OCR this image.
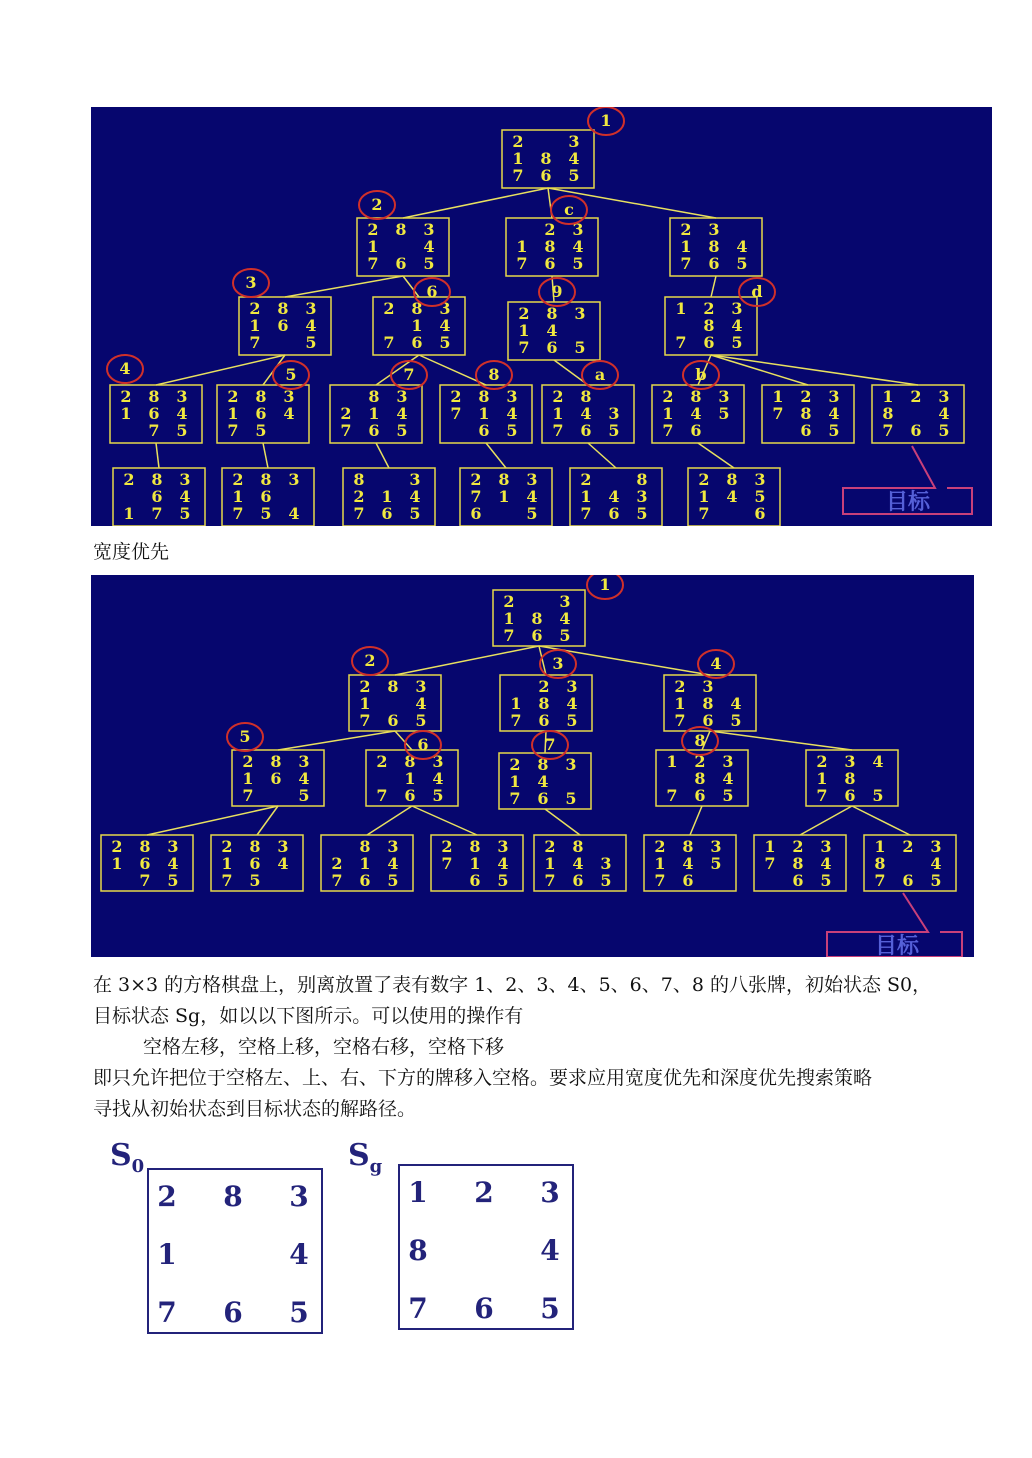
目标
2	3
1 8 4
7 6 5
2 8 3
1	4
7 6 5
2 3
1 8 4
7 6 5
2 3
1 8 4
7 6 5
2 8 3
1 6 4
7	5
2 8 3
1 4
7 6 5
2 8 3
1 4
7 6 5
1 2 3
8 4
7 6 5
2 8 3
1 6 4
7 5
2 8 3
1 6 4
7 5
8 3
2 1 4
7 6 5
2 8 3
7 1 4
6 5
2 8
1 4 3
7 6 5
2 8 3
1 4 5
7 6
1 2 3
7 8 4
6 5
1 2 3
8	4
7 6 5
2 8 3
6 4
1 7 5
2 8 3
1 6
7 5 4
8	3
2 1 4
7 6 5
2 8 3
7 1 4
6	5
2	8
1 4 3
7 6 5
2 8 3
1 4 5
7	6
1
2	c
3	6	9	d
4	5	7	8	a	b
宽度优先
目标
2	3
1 8 4
7 6 5
2 8 3
1	4
7 6 5
2 3
1 8 4
7 6 5
2 3
1 8 4
7 6 5
2 8 3
1 6 4
7	5
2 8 3
1 4
7 6 5
2 8 3
1 4
7 6 5
1 2 3
8 4
7 6 5
2 3 4
1 8
7 6 5
2 8 3
1 6 4
7 5
2 8 3
1 6 4
7 5
8 3
2 1 4
7 6 5
2 8 3
7 1 4
6 5
2 8
1 4 3
7 6 5
2 8 3
1 4 5
7 6
1 2 3
7 8 4
6 5
1 2 3
8	4
7 6 5
1
2	3	4
5	6	7	8

在 3×3 的方格棋盘上，别离放置了表有数字 1、2、3、4、5、6、7、8 的八张牌，初始状态 S0，

目标状态 Sg，如以以下图所示。可以使用的操作有

空格左移，空格上移，空格右移，空格下移

即只允许把位于空格左、上、右、下方的牌移入空格。要求应用宽度优先和深度优先搜索策略

寻找从初始状态到目标状态的解路径。

$S_0$
2 8 3
1	4
7 6 5
$S_g$
1 2 3
8	4
7 6 5
